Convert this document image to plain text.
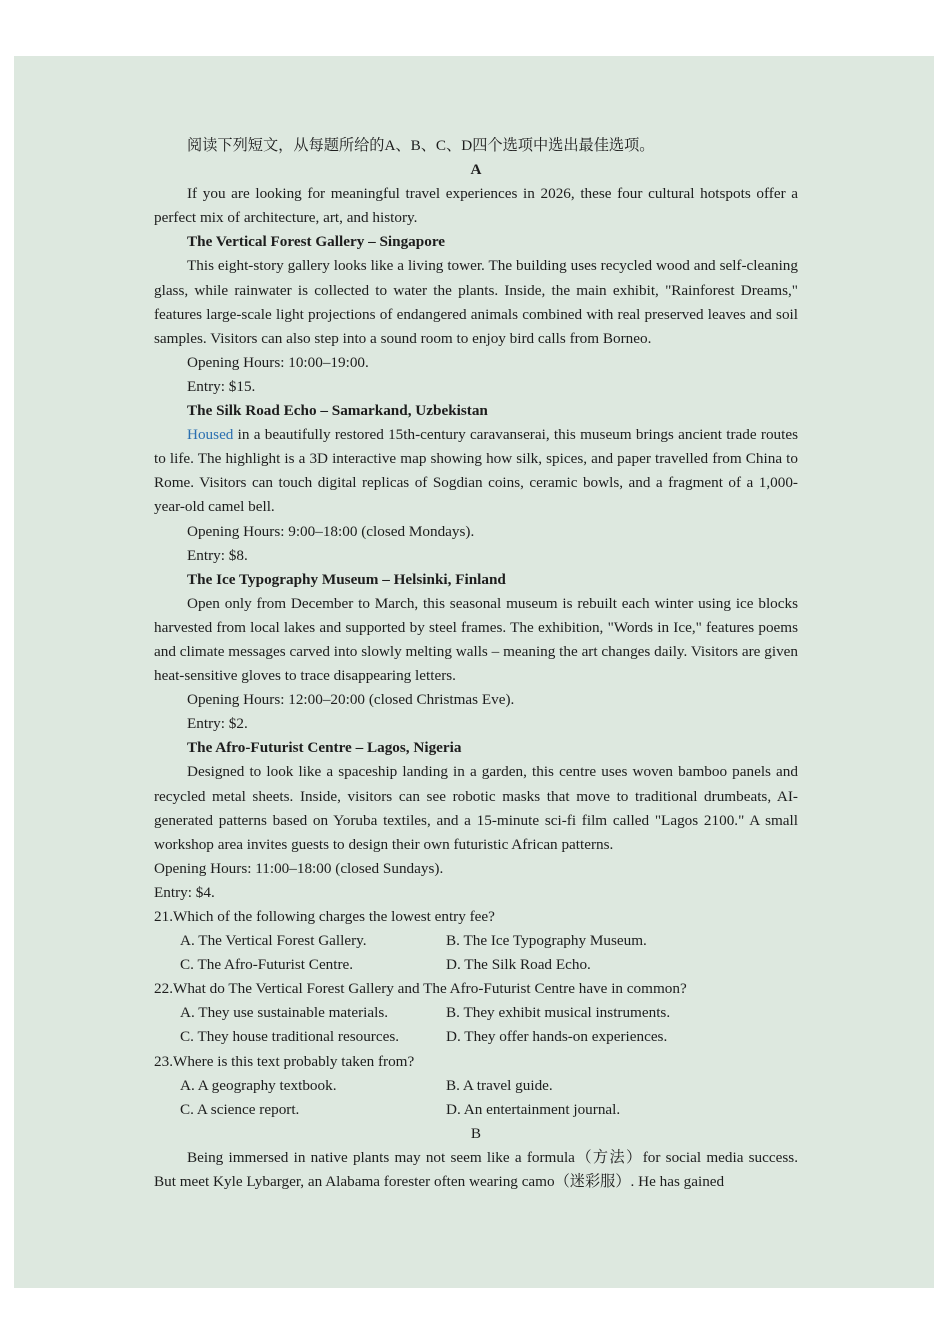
阅读下列短文，从每题所给的A、B、C、D四个选项中选出最佳选项。

A

If you are looking for meaningful travel experiences in 2026, these four cultural hotspots offer a perfect mix of architecture, art, and history.

The Vertical Forest Gallery – Singapore

This eight-story gallery looks like a living tower. The building uses recycled wood and self-cleaning glass, while rainwater is collected to water the plants. Inside, the main exhibit, "Rainforest Dreams," features large-scale light projections of endangered animals combined with real preserved leaves and soil samples. Visitors can also step into a sound room to enjoy bird calls from Borneo.

Opening Hours: 10:00–19:00.

Entry: $15.

The Silk Road Echo – Samarkand, Uzbekistan

Housed in a beautifully restored 15th-century caravanserai, this museum brings ancient trade routes to life. The highlight is a 3D interactive map showing how silk, spices, and paper travelled from China to Rome. Visitors can touch digital replicas of Sogdian coins, ceramic bowls, and a fragment of a 1,000-year-old camel bell.

Opening Hours: 9:00–18:00 (closed Mondays).

Entry: $8.

The Ice Typography Museum – Helsinki, Finland

Open only from December to March, this seasonal museum is rebuilt each winter using ice blocks harvested from local lakes and supported by steel frames. The exhibition, "Words in Ice," features poems and climate messages carved into slowly melting walls – meaning the art changes daily. Visitors are given heat-sensitive gloves to trace disappearing letters.

Opening Hours: 12:00–20:00 (closed Christmas Eve).

Entry: $2.

The Afro-Futurist Centre – Lagos, Nigeria

Designed to look like a spaceship landing in a garden, this centre uses woven bamboo panels and recycled metal sheets. Inside, visitors can see robotic masks that move to traditional drumbeats, AI-generated patterns based on Yoruba textiles, and a 15-minute sci-fi film called "Lagos 2100." A small workshop area invites guests to design their own futuristic African patterns.

Opening Hours: 11:00–18:00 (closed Sundays).

Entry: $4.

21.Which of the following charges the lowest entry fee?

A. The Vertical Forest Gallery.	B. The Ice Typography Museum.
C. The Afro-Futurist Centre.	D. The Silk Road Echo.

22.What do The Vertical Forest Gallery and The Afro-Futurist Centre have in common?

A. They use sustainable materials.	B. They exhibit musical instruments.
C. They house traditional resources.	D. They offer hands-on experiences.

23.Where is this text probably taken from?

A. A geography textbook.	B. A travel guide.
C. A science report.	D. An entertainment journal.

B

Being immersed in native plants may not seem like a formula（方法）for social media success. But meet Kyle Lybarger, an Alabama forester often wearing camo（迷彩服）. He has gained
